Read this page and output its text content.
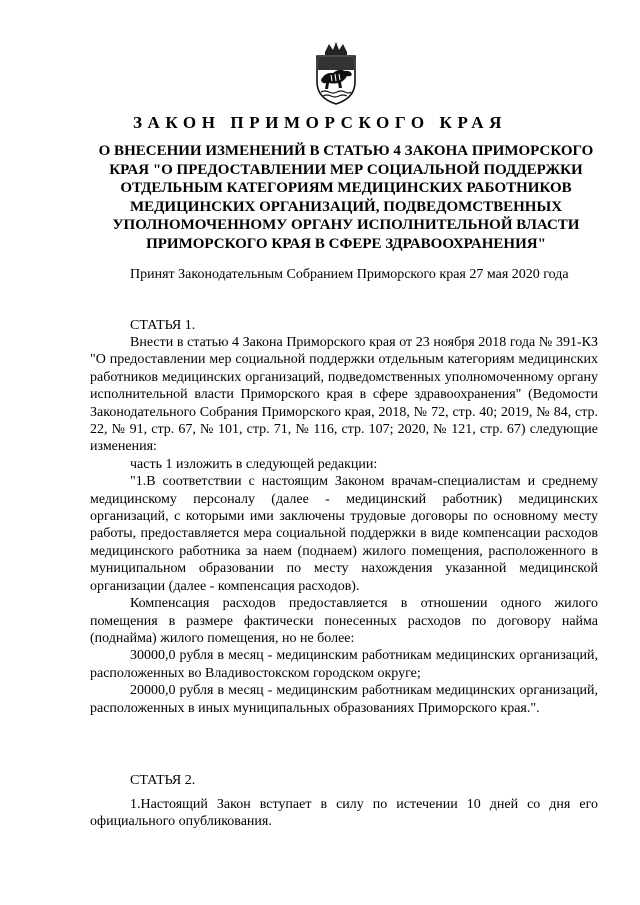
ЗАКОН ПРИМОРСКОГО КРАЯ
О ВНЕСЕНИИ ИЗМЕНЕНИЙ В СТАТЬЮ 4 ЗАКОНА ПРИМОРСКОГО КРАЯ "О ПРЕДОСТАВЛЕНИИ МЕР СОЦИАЛЬНОЙ ПОДДЕРЖКИ ОТДЕЛЬНЫМ КАТЕГОРИЯМ МЕДИЦИНСКИХ РАБОТНИКОВ МЕДИЦИНСКИХ ОРГАНИЗАЦИЙ, ПОДВЕДОМСТВЕННЫХ УПОЛНОМОЧЕННОМУ ОРГАНУ ИСПОЛНИТЕЛЬНОЙ ВЛАСТИ ПРИМОРСКОГО КРАЯ В СФЕРЕ ЗДРАВООХРАНЕНИЯ"

Принят Законодательным Собранием Приморского края 27 мая 2020 года

СТАТЬЯ 1.

Внести в статью 4 Закона Приморского края от 23 ноября 2018 года № 391-КЗ "О предоставлении мер социальной поддержки отдельным категориям медицинских работников медицинских организаций, подведомственных уполномоченному органу исполнительной власти Приморского края в сфере здравоохранения" (Ведомости Законодательного Собрания Приморского края, 2018, № 72, стр. 40; 2019, № 84, стр. 22, № 91, стр. 67, № 101, стр. 71, № 116, стр. 107; 2020, № 121, стр. 67) следующие изменения:

часть 1 изложить в следующей редакции:

"1.В соответствии с настоящим Законом врачам-специалистам и среднему медицинскому персоналу (далее - медицинский работник) медицинских организаций, с которыми ими заключены трудовые договоры по основному месту работы, предоставляется мера социальной поддержки в виде компенсации расходов медицинского работника за наем (поднаем) жилого помещения, расположенного в муниципальном образовании по месту нахождения указанной медицинской организации (далее - компенсация расходов).

Компенсация расходов предоставляется в отношении одного жилого помещения в размере фактически понесенных расходов по договору найма (поднайма) жилого помещения, но не более:

30000,0 рубля в месяц - медицинским работникам медицинских организаций, расположенных во Владивостокском городском округе;

20000,0 рубля в месяц - медицинским работникам медицинских организаций, расположенных в иных муниципальных образованиях Приморского края.".

СТАТЬЯ 2.

1.Настоящий Закон вступает в силу по истечении 10 дней со дня его официального опубликования.
